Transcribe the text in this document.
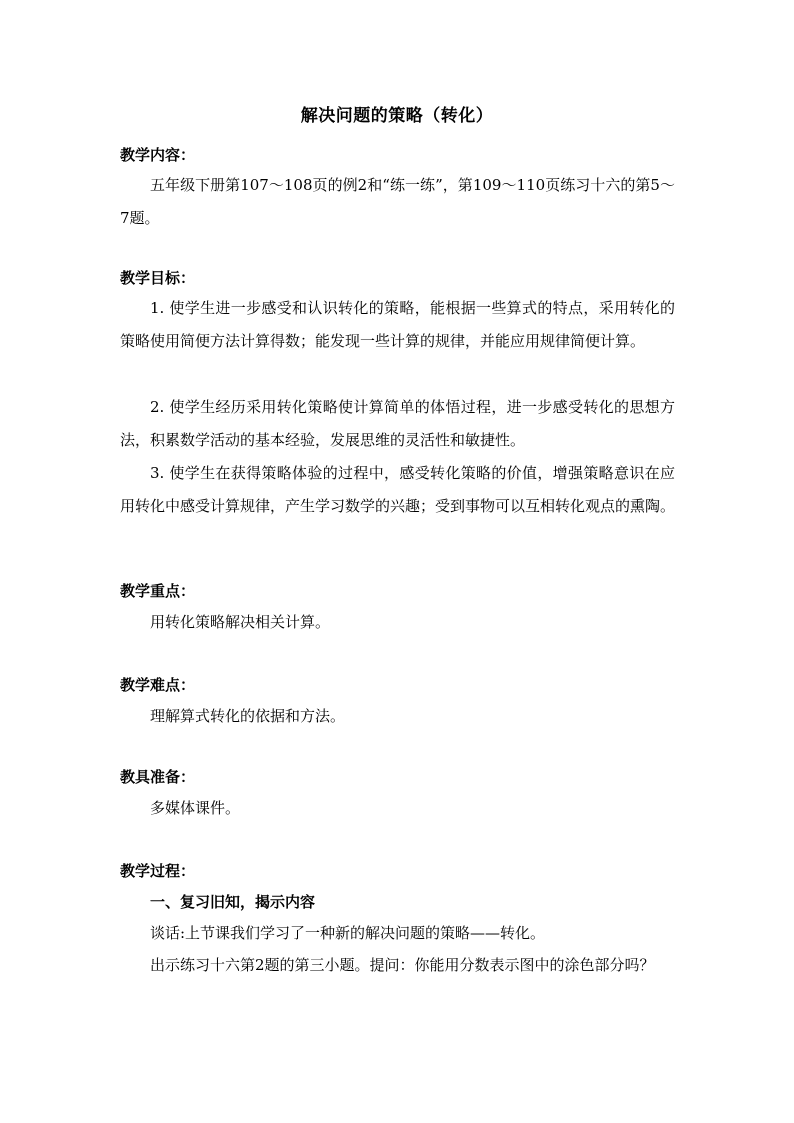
解决问题的策略（转化）
教学内容：

五年级下册第107～108页的例2和“练一练”，第109～110页练习十六的第5～7题。

教学目标：

1. 使学生进一步感受和认识转化的策略，能根据一些算式的特点，采用转化的策略使用简便方法计算得数；能发现一些计算的规律，并能应用规律简便计算。

2. 使学生经历采用转化策略使计算简单的体悟过程，进一步感受转化的思想方法，积累数学活动的基本经验，发展思维的灵活性和敏捷性。

3. 使学生在获得策略体验的过程中，感受转化策略的价值，增强策略意识在应用转化中感受计算规律，产生学习数学的兴趣；受到事物可以互相转化观点的熏陶。

教学重点：
用转化策略解决相关计算。
教学难点：
理解算式转化的依据和方法。
教具准备：
多媒体课件。
教学过程：
一、复习旧知，揭示内容
谈话:上节课我们学习了一种新的解决问题的策略——转化。
出示练习十六第2题的第三小题。提问：你能用分数表示图中的涂色部分吗？
